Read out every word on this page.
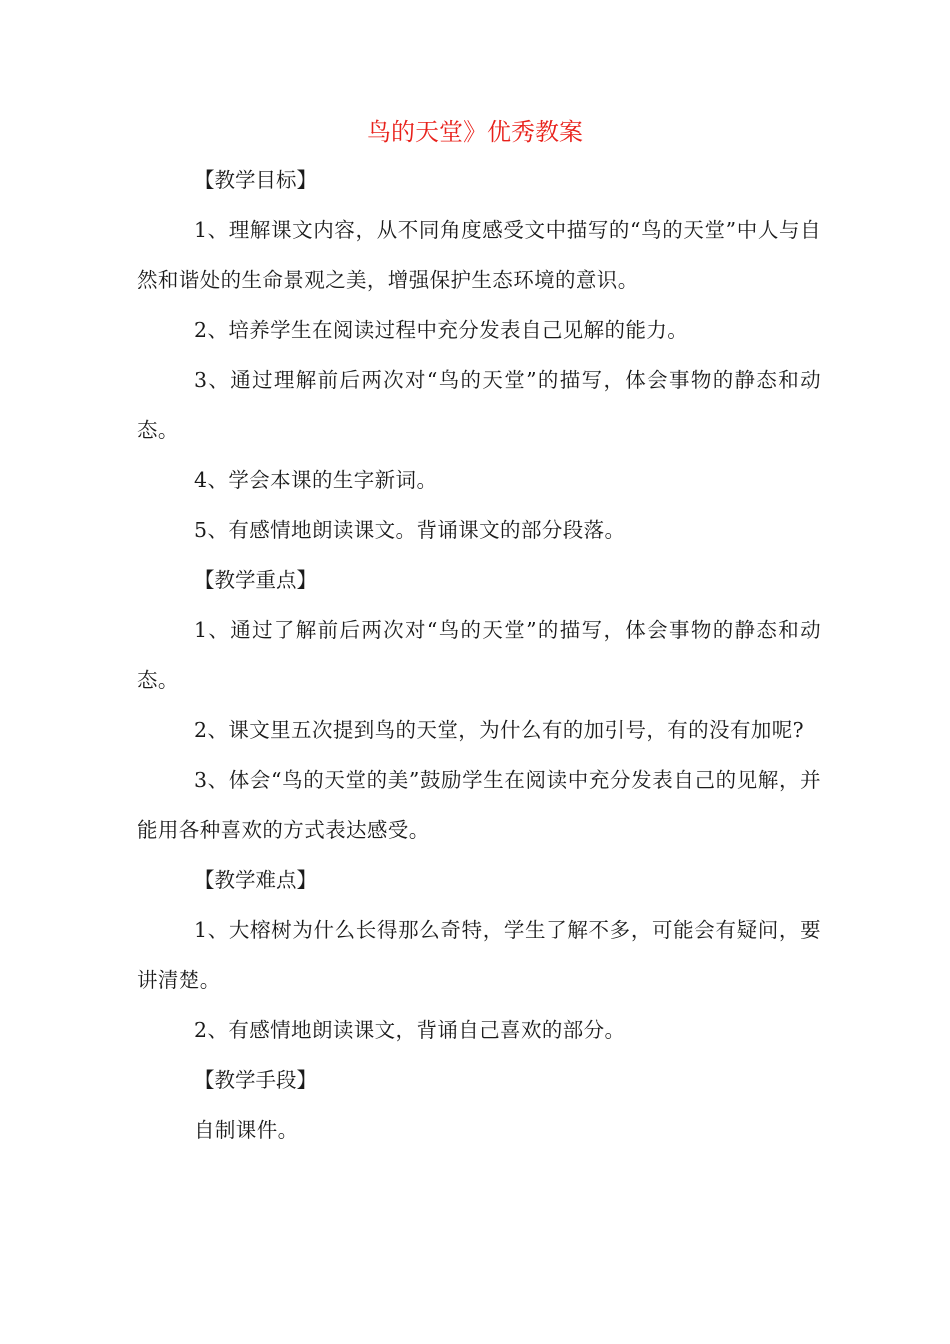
鸟的天堂》优秀教案

【教学目标】

1、理解课文内容，从不同角度感受文中描写的“鸟的天堂”中人与自然和谐处的生命景观之美，增强保护生态环境的意识。

2、培养学生在阅读过程中充分发表自己见解的能力。

3、通过理解前后两次对“鸟的天堂”的描写，体会事物的静态和动态。

4、学会本课的生字新词。

5、有感情地朗读课文。背诵课文的部分段落。

【教学重点】

1、通过了解前后两次对“鸟的天堂”的描写，体会事物的静态和动态。

2、课文里五次提到鸟的天堂，为什么有的加引号，有的没有加呢?

3、体会“鸟的天堂的美”鼓励学生在阅读中充分发表自己的见解，并能用各种喜欢的方式表达感受。

【教学难点】

1、大榕树为什么长得那么奇特，学生了解不多，可能会有疑问，要讲清楚。

2、有感情地朗读课文，背诵自己喜欢的部分。

【教学手段】

自制课件。
